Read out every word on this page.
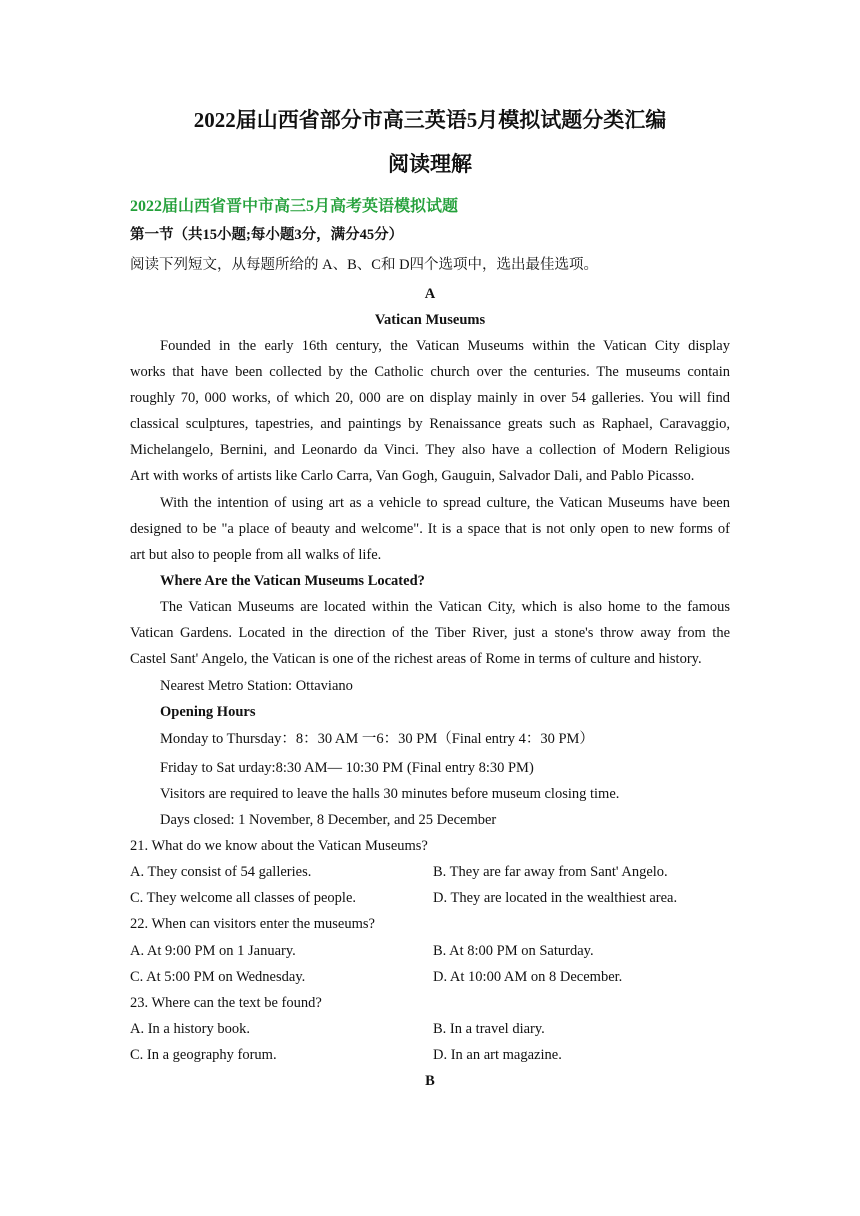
2022届山西省部分市高三英语5月模拟试题分类汇编
阅读理解
2022届山西省晋中市高三5月高考英语模拟试题
第一节（共15小题;每小题3分，满分45分）
阅读下列短文，从每题所给的 A、B、C和 D四个选项中，选出最佳选项。
A
Vatican Museums
Founded in the early 16th century, the Vatican Museums within the Vatican City display
works that have been collected by the Catholic church over the centuries. The museums contain
roughly 70, 000 works, of which 20, 000 are on display mainly in over 54 galleries. You will find
classical sculptures, tapestries, and paintings by Renaissance greats such as Raphael, Caravaggio,
Michelangelo, Bernini, and Leonardo da Vinci. They also have a collection of Modern Religious
Art with works of artists like Carlo Carra, Van Gogh, Gauguin, Salvador Dali, and Pablo Picasso.
With the intention of using art as a vehicle to spread culture, the Vatican Museums have been
designed to be "a place of beauty and welcome". It is a space that is not only open to new forms of
art but also to people from all walks of life.
Where Are the Vatican Museums Located?
The Vatican Museums are located within the Vatican City, which is also home to the famous
Vatican Gardens. Located in the direction of the Tiber River, just a stone's throw away from the
Castel Sant' Angelo, the Vatican is one of the richest areas of Rome in terms of culture and history.
Nearest Metro Station: Ottaviano
Opening Hours
Monday to Thursday：8：30 AM 一6：30 PM（Final entry 4：30 PM）
Friday to Sat urday:8:30 AM— 10:30 PM (Final entry 8:30 PM)
Visitors are required to leave the halls 30 minutes before museum closing time.
Days closed: 1 November, 8 December, and 25 December
21. What do we know about the Vatican Museums?
A. They consist of 54 galleries.	B. They are far away from Sant' Angelo.
C. They welcome all classes of people.	D. They are located in the wealthiest area.
22. When can visitors enter the museums?
A. At 9:00 PM on 1 January.	B. At 8:00 PM on Saturday.
C. At 5:00 PM on Wednesday.	D. At 10:00 AM on 8 December.
23. Where can the text be found?
A. In a history book.	B. In a travel diary.
C. In a geography forum.	D. In an art magazine.
B
